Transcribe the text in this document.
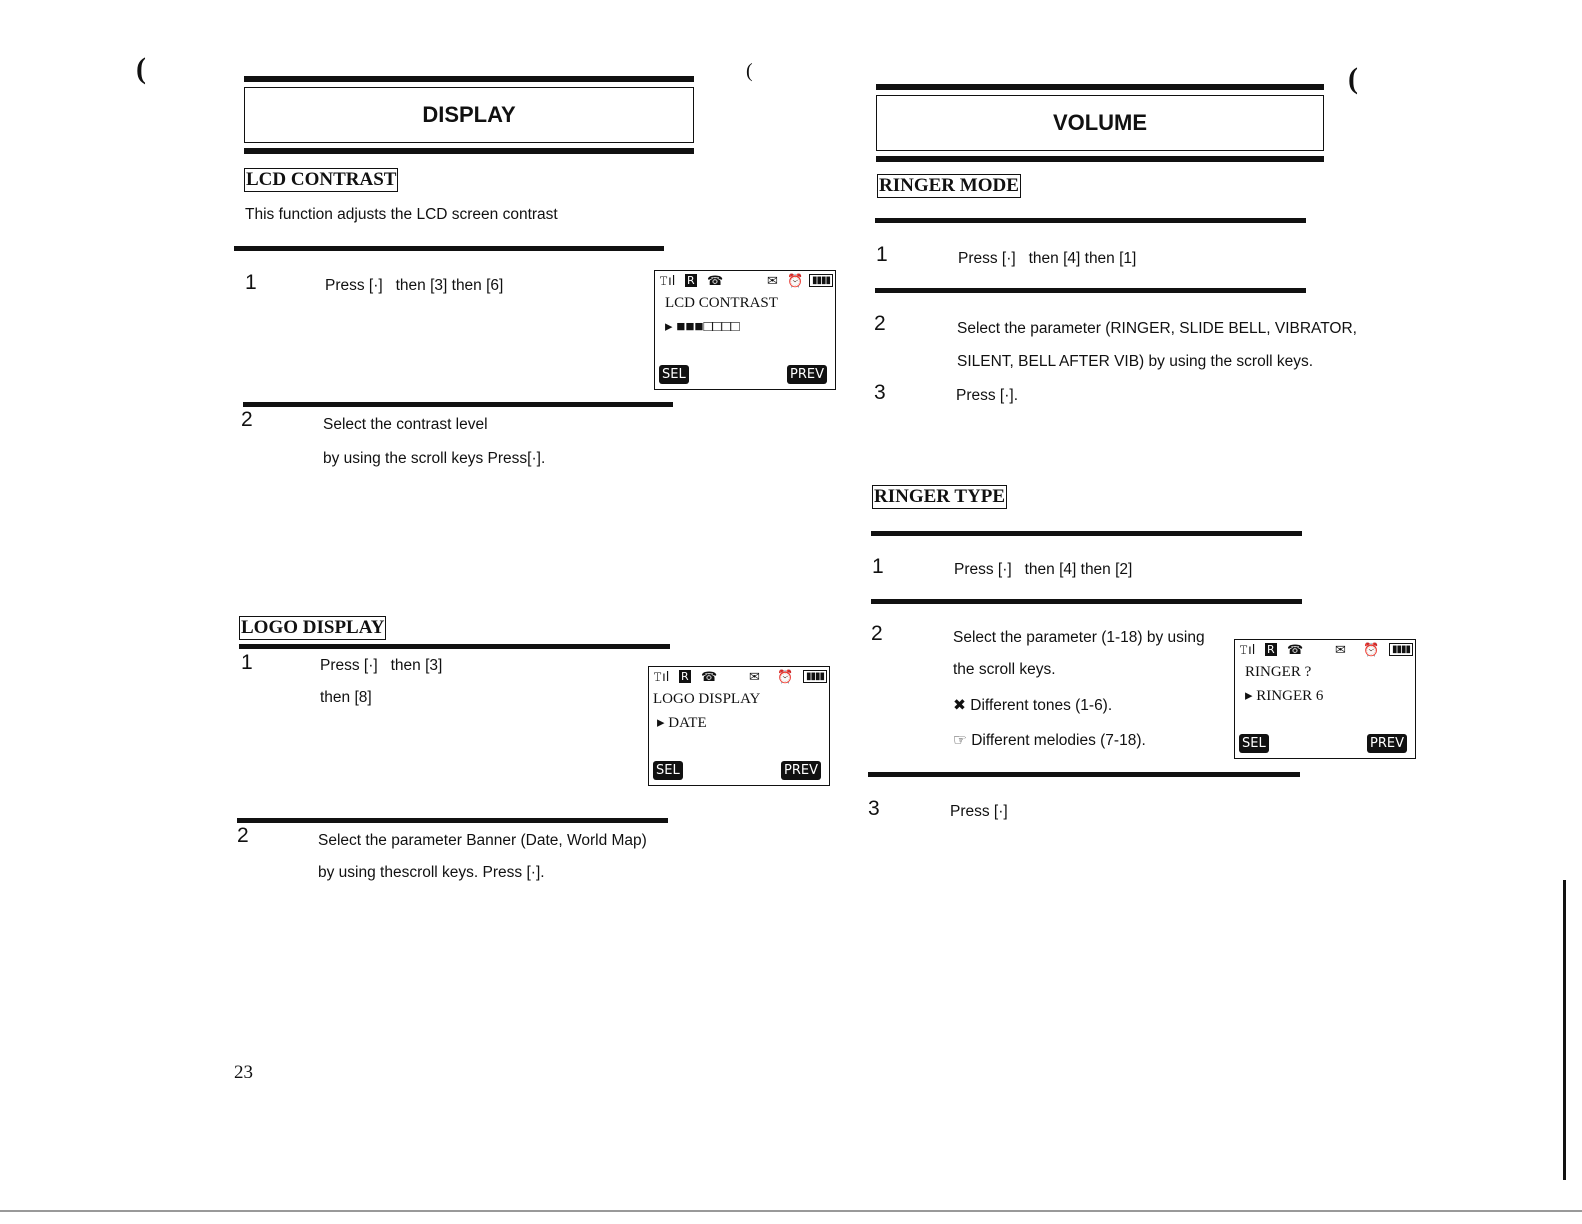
(	(	(
DISPLAY
LCD CONTRAST
This function adjusts the LCD screen contrast
1	Press [·]   then [3] then [6]	𝚃ıl R ☎	✉ ⏰ ▮▮▮▮
LCD CONTRAST
▸ ■■■□□□□
SEL	PREV
2	Select the contrast level
by using the scroll keys Press[·].
LOGO DISPLAY
1	Press [·]   then [3]
then [8]
𝚃ıl R ☎ ✉ ⏰	▮▮▮▮
LOGO DISPLAY
▸ DATE
SEL	PREV
2	Select the parameter Banner (Date, World Map)
by using thescroll keys. Press [·].
23
VOLUME
RINGER MODE
1	Press [·]   then [4] then [1]
2	Select the parameter (RINGER, SLIDE BELL, VIBRATOR,
SILENT, BELL AFTER VIB) by using the scroll keys.
3	Press [·].
RINGER TYPE
1	Press [·]   then [4] then [2]
2	Select the parameter (1-18) by using
the scroll keys.
✖ Different tones (1-6).
☞ Different melodies (7-18).
𝚃ıl R ☎ ✉ ⏰	▮▮▮▮
RINGER ?
▸ RINGER 6
SEL	PREV
3	Press [·]
